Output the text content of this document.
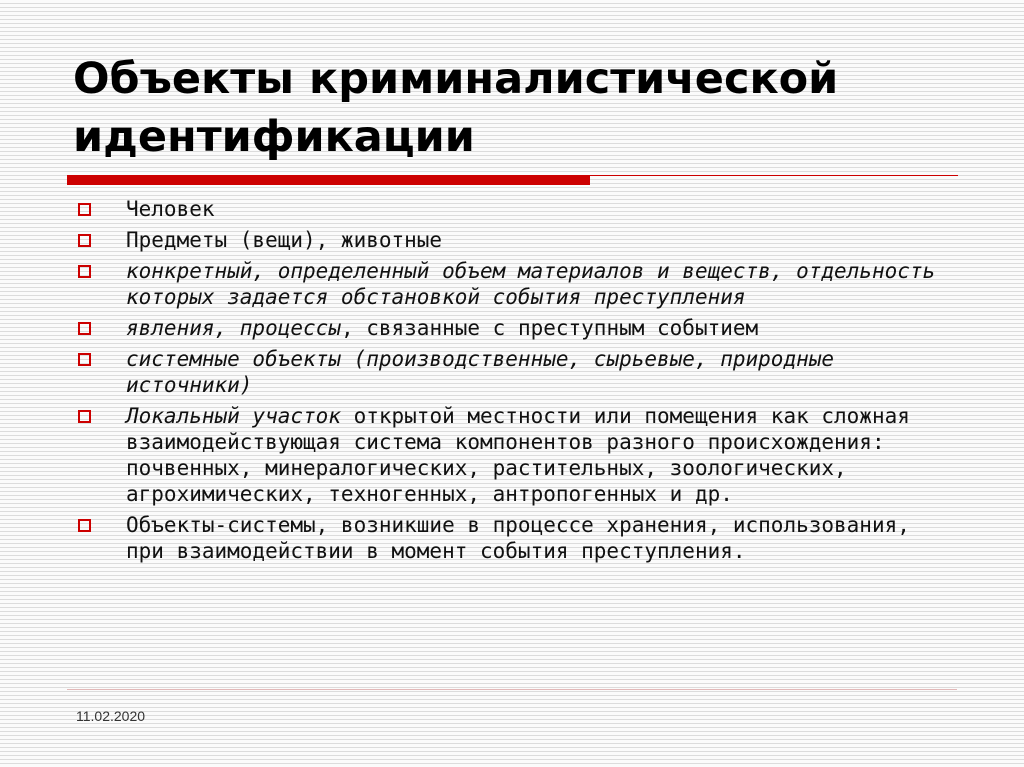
Объекты криминалистической
идентификации
Человек
Предметы (вещи), животные
конкретный, определенный объем материалов и веществ, отдельность которых задается обстановкой события преступления
явления, процессы, связанные с преступным событием
системные объекты (производственные, сырьевые, природные источники)
Локальный участок открытой местности или помещения как сложная взаимодействующая система компонентов разного происхождения: почвенных, минералогических, растительных, зоологических, агрохимических, техногенных, антропогенных и др.
Объекты-системы, возникшие в процессе хранения, использования, при взаимодействии в момент события преступления.
11.02.2020
